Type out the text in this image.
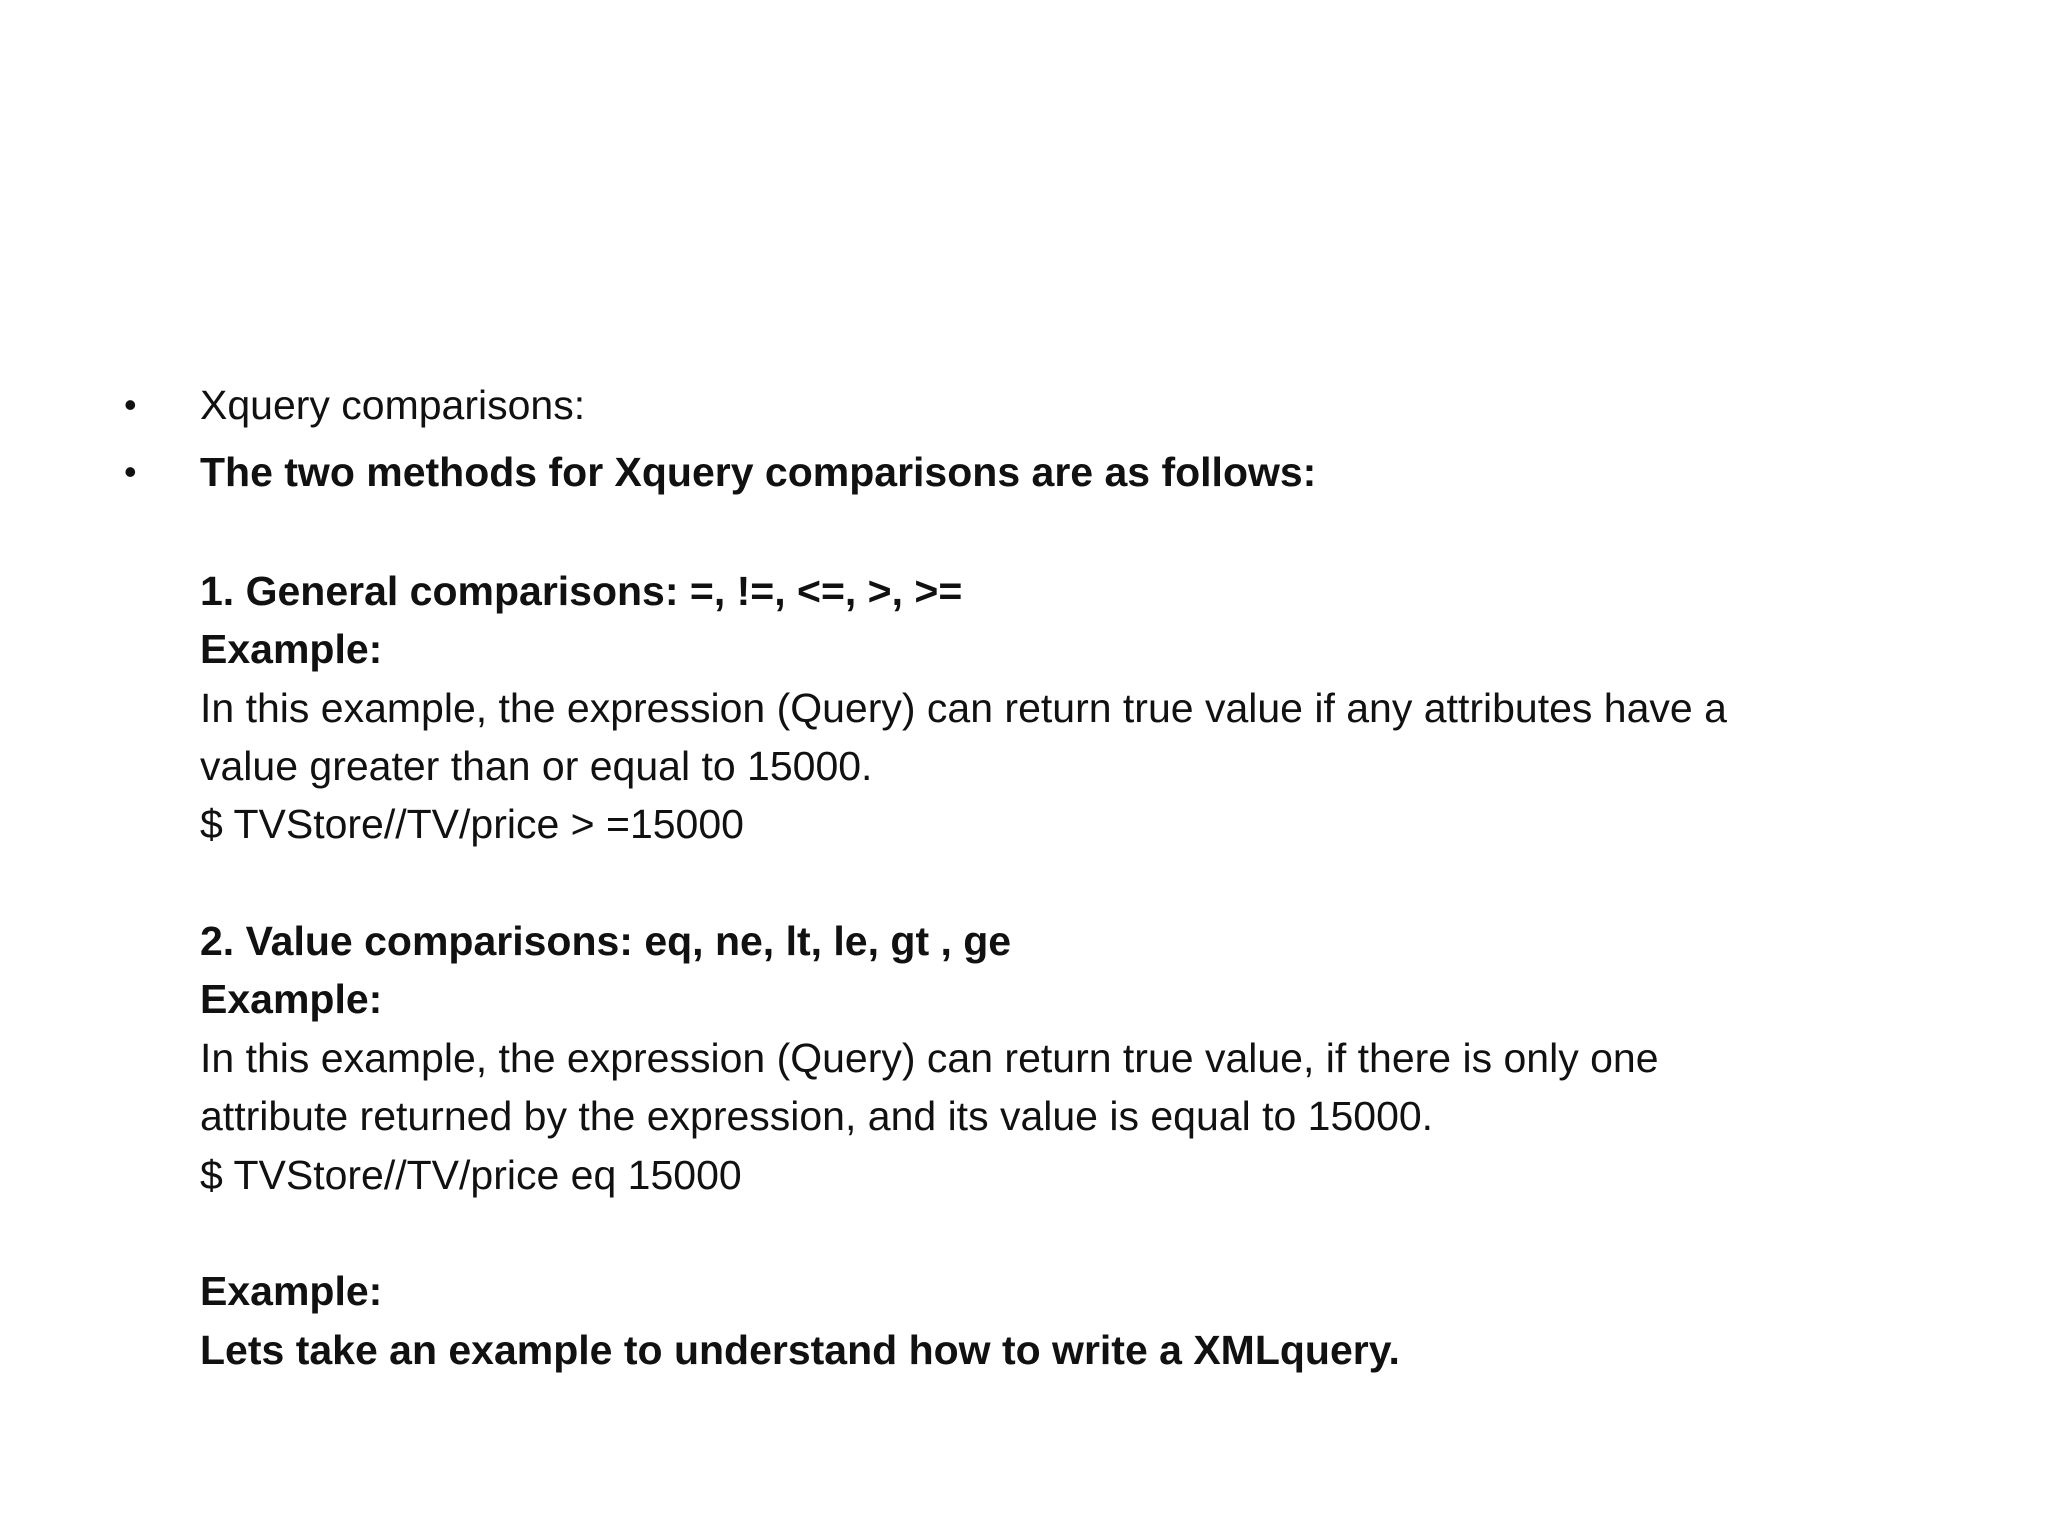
• Xquery comparisons:
• The two methods for Xquery comparisons are as follows:
1. General comparisons: =, !=, <=, >, >=
Example:
In this example, the expression (Query) can return true value if any attributes have a
value greater than or equal to 15000.
$ TVStore//TV/price > =15000
2. Value comparisons: eq, ne, lt, le, gt , ge
Example:
In this example, the expression (Query) can return true value, if there is only one
attribute returned by the expression, and its value is equal to 15000.
$ TVStore//TV/price eq 15000
Example:
Lets take an example to understand how to write a XMLquery.
